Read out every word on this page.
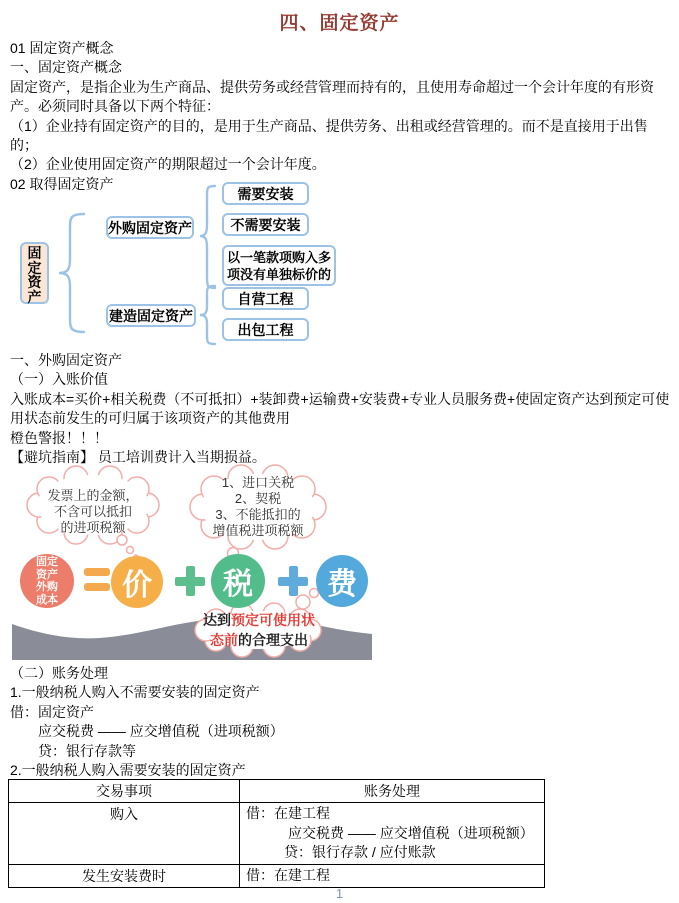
四、固定资产

01 固定资产概念

一、固定资产概念

固定资产，是指企业为生产商品、提供劳务或经营管理而持有的，且使用寿命超过一个会计年度的有形资产。必须同时具备以下两个特征：

（1）企业持有固定资产的目的，是用于生产商品、提供劳务、出租或经营管理的。而不是直接用于出售的；

（2）企业使用固定资产的期限超过一个会计年度。

02 取得固定资产

固定资产
外购固定资产
建造固定资产
需要安装
不需要安装
以一笔款项购入多项没有单独标价的
自营工程
出包工程

一、外购固定资产

（一）入账价值

入账成本=买价+相关税费（不可抵扣）+装卸费+运输费+安装费+专业人员服务费+使固定资产达到预定可使用状态前发生的可归属于该项资产的其他费用

橙色警报！！！

【避坑指南】 员工培训费计入当期损益。

发票上的金额，
不含可以抵扣
的进项税额
1、进口关税
2、契税
3、不能抵扣的
增值税进项税额
固定
资产
外购
成本	价	税	费
达到预定可使用状
态前的合理支出

（二）账务处理

1.一般纳税人购入不需要安装的固定资产

借：固定资产

应交税费 —— 应交增值税（进项税额）

贷：银行存款等

2.一般纳税人购入需要安装的固定资产

交易事项	账务处理
购入	借：在建工程
应交税费 —— 应交增值税（进项税额）
贷：银行存款 / 应付账款

发生安装费时	借：在建工程
1
